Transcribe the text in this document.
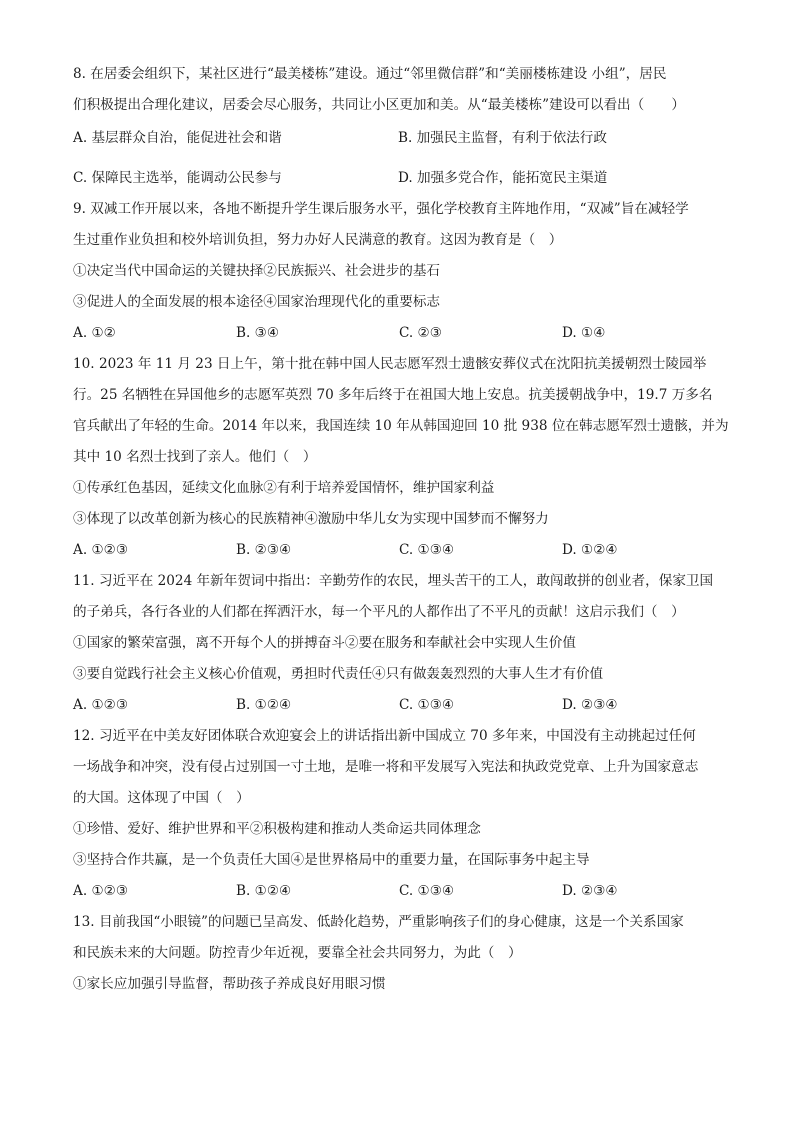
8. 在居委会组织下，某社区进行“最美楼栋”建设。通过“邻里微信群”和“美丽楼栋建设 小组”，居民
们积极提出合理化建议，居委会尽心服务，共同让小区更加和美。从“最美楼栋”建设可以看出（　　）
A. 基层群众自治，能促进社会和谐	B. 加强民主监督，有利于依法行政
C. 保障民主选举，能调动公民参与	D. 加强多党合作，能拓宽民主渠道
9. 双减工作开展以来，各地不断提升学生课后服务水平，强化学校教育主阵地作用，“双减”旨在减轻学
生过重作业负担和校外培训负担，努力办好人民满意的教育。这因为教育是（　）
①决定当代中国命运的关键抉择②民族振兴、社会进步的基石
③促进人的全面发展的根本途径④国家治理现代化的重要标志
A. ①②	B. ③④	C. ②③	D. ①④
10. 2023 年 11 月 23 日上午，第十批在韩中国人民志愿军烈士遗骸安葬仪式在沈阳抗美援朝烈士陵园举
行。25 名牺牲在异国他乡的志愿军英烈 70 多年后终于在祖国大地上安息。抗美援朝战争中，19.7 万多名
官兵献出了年轻的生命。2014 年以来，我国连续 10 年从韩国迎回 10 批 938 位在韩志愿军烈士遗骸，并为
其中 10 名烈士找到了亲人。他们（　）
①传承红色基因，延续文化血脉②有利于培养爱国情怀，维护国家利益
③体现了以改革创新为核心的民族精神④激励中华儿女为实现中国梦而不懈努力
A. ①②③	B. ②③④	C. ①③④	D. ①②④
11. 习近平在 2024 年新年贺词中指出：辛勤劳作的农民，埋头苦干的工人，敢闯敢拼的创业者，保家卫国
的子弟兵，各行各业的人们都在挥洒汗水，每一个平凡的人都作出了不平凡的贡献！这启示我们（　）
①国家的繁荣富强，离不开每个人的拼搏奋斗②要在服务和奉献社会中实现人生价值
③要自觉践行社会主义核心价值观，勇担时代责任④只有做轰轰烈烈的大事人生才有价值
A. ①②③	B. ①②④	C. ①③④	D. ②③④
12. 习近平在中美友好团体联合欢迎宴会上的讲话指出新中国成立 70 多年来，中国没有主动挑起过任何
一场战争和冲突，没有侵占过别国一寸土地，是唯一将和平发展写入宪法和执政党党章、上升为国家意志
的大国。这体现了中国（　）
①珍惜、爱好、维护世界和平②积极构建和推动人类命运共同体理念
③坚持合作共赢，是一个负责任大国④是世界格局中的重要力量，在国际事务中起主导
A. ①②③	B. ①②④	C. ①③④	D. ②③④
13. 目前我国“小眼镜”的问题已呈高发、低龄化趋势，严重影响孩子们的身心健康，这是一个关系国家
和民族未来的大问题。防控青少年近视，要靠全社会共同努力，为此（　）
①家长应加强引导监督，帮助孩子养成良好用眼习惯
